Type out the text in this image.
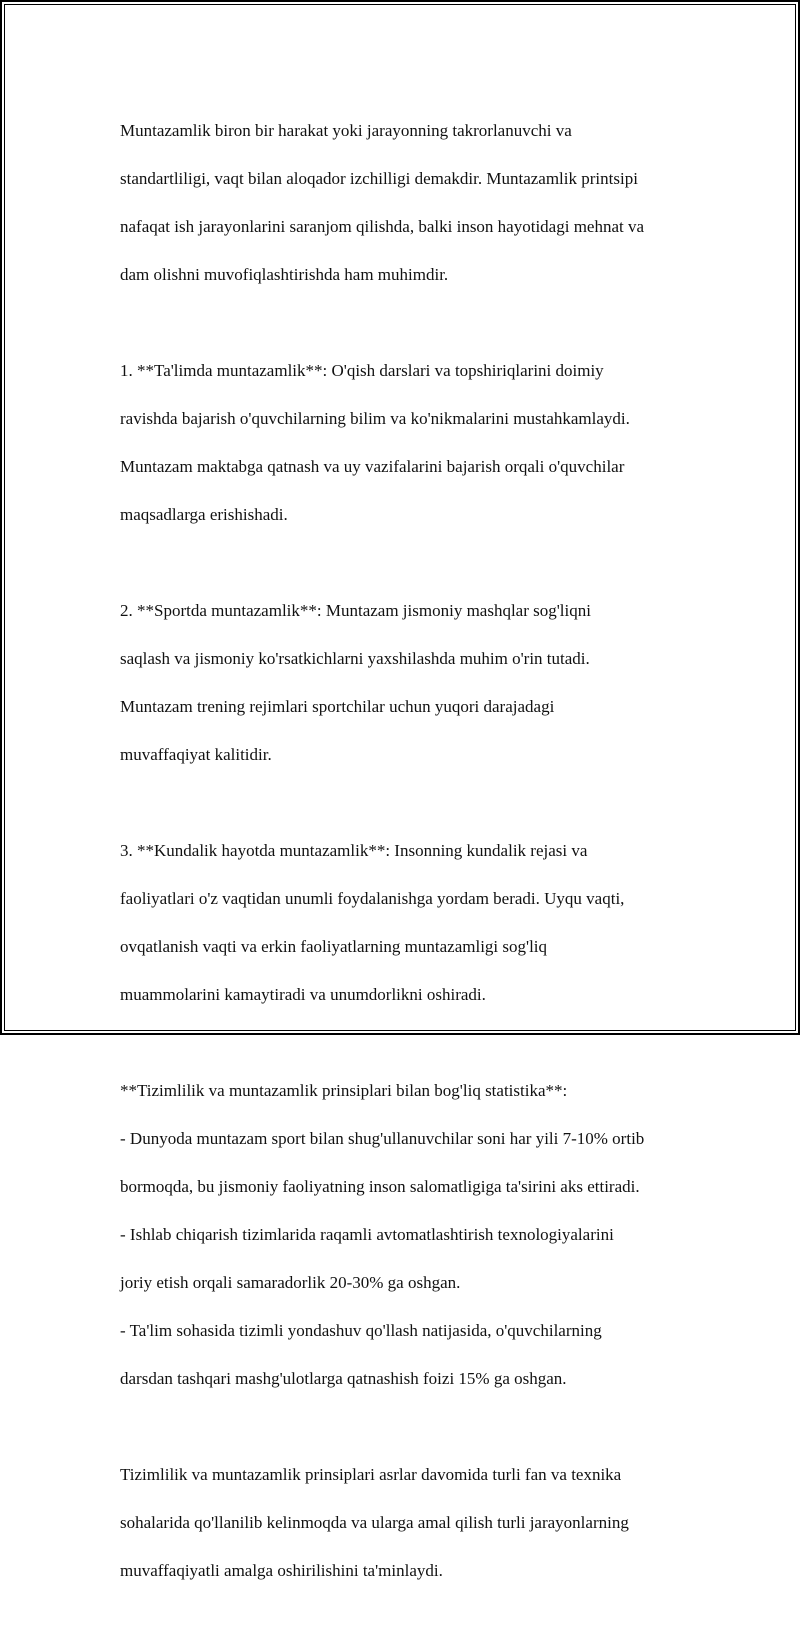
Muntazamlik biron bir harakat yoki jarayonning takrorlanuvchi va

standartliligi, vaqt bilan aloqador izchilligi demakdir. Muntazamlik printsipi

nafaqat ish jarayonlarini saranjom qilishda, balki inson hayotidagi mehnat va

dam olishni muvofiqlashtirishda ham muhimdir.

1. **Ta'limda muntazamlik**: O'qish darslari va topshiriqlarini doimiy

ravishda bajarish o'quvchilarning bilim va ko'nikmalarini mustahkamlaydi.

Muntazam maktabga qatnash va uy vazifalarini bajarish orqali o'quvchilar

maqsadlarga erishishadi.

2. **Sportda muntazamlik**: Muntazam jismoniy mashqlar sog'liqni

saqlash va jismoniy ko'rsatkichlarni yaxshilashda muhim o'rin tutadi.

Muntazam trening rejimlari sportchilar uchun yuqori darajadagi

muvaffaqiyat kalitidir.

3. **Kundalik hayotda muntazamlik**: Insonning kundalik rejasi va

faoliyatlari o'z vaqtidan unumli foydalanishga yordam beradi. Uyqu vaqti,

ovqatlanish vaqti va erkin faoliyatlarning muntazamligi sog'liq

muammolarini kamaytiradi va unumdorlikni oshiradi.

**Tizimlilik va muntazamlik prinsiplari bilan bog'liq statistika**:

- Dunyoda muntazam sport bilan shug'ullanuvchilar soni har yili 7-10% ortib

bormoqda, bu jismoniy faoliyatning inson salomatligiga ta'sirini aks ettiradi.

- Ishlab chiqarish tizimlarida raqamli avtomatlashtirish texnologiyalarini

joriy etish orqali samaradorlik 20-30% ga oshgan.

- Ta'lim sohasida tizimli yondashuv qo'llash natijasida, o'quvchilarning

darsdan tashqari mashg'ulotlarga qatnashish foizi 15% ga oshgan.

Tizimlilik va muntazamlik prinsiplari asrlar davomida turli fan va texnika

sohalarida qo'llanilib kelinmoqda va ularga amal qilish turli jarayonlarning

muvaffaqiyatli amalga oshirilishini ta'minlaydi.
